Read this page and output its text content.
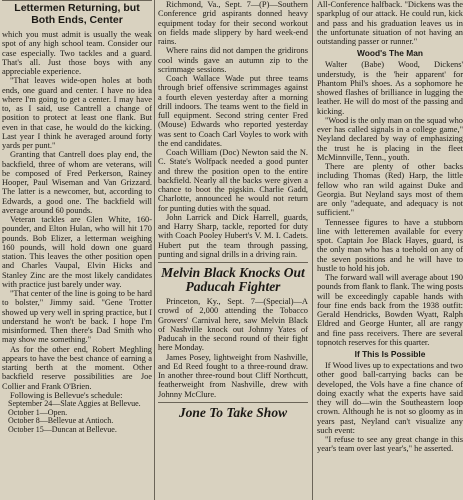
Lettermen Returning, but Both Ends, Center

which you must admit is usually the weak spot of any high school team. Consider our case especially. Two tackles and a guard. That's all. Just those boys with any appreciable experience.

"That leaves wide-open holes at both ends, one guard and center. I have no idea where I'm going to get a center. I may have to, as I said, use Cantrell a change of position to protect at least one flank. But even in that case, he would do the kicking. Last year I think he averaged around forty yards per punt."

Granting that Cantrell does play end, the backfield, three of whom are veterans, will be composed of Fred Perkerson, Rainey Hooper, Paul Wiseman and Van Grizzard. The latter is a newcomer, but, according to Edwards, a good one. The backfield will average around 60 pounds.

Veteran tackles are Glen White, 160-pounder, and Elton Hulan, who will hit 170 pounds. Bob Elizer, a letterman weighing 160 pounds, will hold down one guard station. This leaves the other position open and Charles Vaupal, Elvin Hicks and Stanley Zinc are the most likely candidates with practice just barely under way.

"That center of the line is going to be hard to bolster," Jimmy said. "Gene Trotter showed up very well in spring practice, but I understand he won't be back. I hope I'm misinformed. Then there's Dad Smith who may show me something."

As for the other end, Robert Meghling appears to have the best chance of earning a starting berth at the moment. Other backfield reserve possibilities are Joe Collier and Frank O'Brien.

Following is Bellevue's schedule:

September 24—Slate Aggies at Bellevue.

October 1—Open.

October 8—Bellevue at Antioch.

October 15—Duncan at Bellevue.

Richmond, Va., Sept. 7—(P)—Southern Conference grid aspirants donned heavy equipment today for their second workout on fields made slippery by hard week-end rains.

Where rains did not dampen the gridirons cool winds gave an autumn zip to the scrimmage sessions.

Coach Wallace Wade put three teams through brief offensive scrimmages against a fourth eleven yesterday after a morning drill indoors. The teams went to the field in full equipment. Second string center Fred (Mouse) Edwards who reported yesterday was sent to Coach Carl Voyles to work with the end candidates.

Coach William (Doc) Newton said the N. C. State's Wolfpack needed a good punter and threw the position open to the entire backfield. Nearly all the backs were given a chance to boot the pigskin. Charlie Gadd, Charlotte, announced he would not return for punting duties with the squad.

John Larrick and Dick Harrell, guards, and Harry Sharp, tackle, reported for duty with Coach Pooley Hubert's V. M. I. Cadets. Hubert put the team through passing, punting and signal drills in a driving rain.

Melvin Black Knocks Out Paducah Fighter

Princeton, Ky., Sept. 7—(Special)—A crowd of 2,000 attending the Tobacco Growers' Carnival here, saw Melvin Black of Nashville knock out Johnny Yates of Paducah in the second round of their fight here Monday.

James Posey, lightweight from Nashville, and Ed Reed fought to a three-round draw. In another three-round bout Cliff Northcutt, featherweight from Nashville, drew with Johnny McClure.

Jone To Take Show

All-Conference halfback. "Dickens was the sparkplug of our attack. He could run, kick and pass and his graduation leaves us in the unfortunate situation of not having an outstanding passer or runner."

Wood's The Man

Walter (Babe) Wood, Dickens' understudy, is the 'heir apparent' for Phantom Phil's shoes. As a sophomore he showed flashes of brilliance in lugging the leather. He will do most of the passing and kicking.

"Wood is the only man on the squad who ever has called signals in a college game," Neyland declared by way of emphasizing the trust he is placing in the fleet McMinnville, Tenn., youth.

There are plenty of other backs including Thomas (Red) Harp, the little fellow who ran wild against Duke and Georgia. But Neyland says most of them are only "adequate, and adequacy is not sufficient."

Tennessee figures to have a stubborn line with letteremen available for every spot. Captain Joe Black Hayes, guard, is the only man who has a toehold on any of the seven positions and he will have to hustle to hold his job.

The forward wall will average about 190 pounds from flank to flank. The wing posts will be exceedingly capable hands with four fine ends back from the 1938 outfit: Gerald Hendricks, Bowden Wyatt, Ralph Eldred and George Hunter, all are rangy and fine pass receivers. There are several topnotch reserves for this quarter.

If This Is Possible

If Wood lives up to expectations and two other good ball-carrying backs can be developed, the Vols have a fine chance of doing exactly what the experts have said they will do—win the Southeastern loop crown. Although he is not so gloomy as in years past, Neyland can't visualize any such event:

"I refuse to see any great change in this year's team over last year's," he asserted.
